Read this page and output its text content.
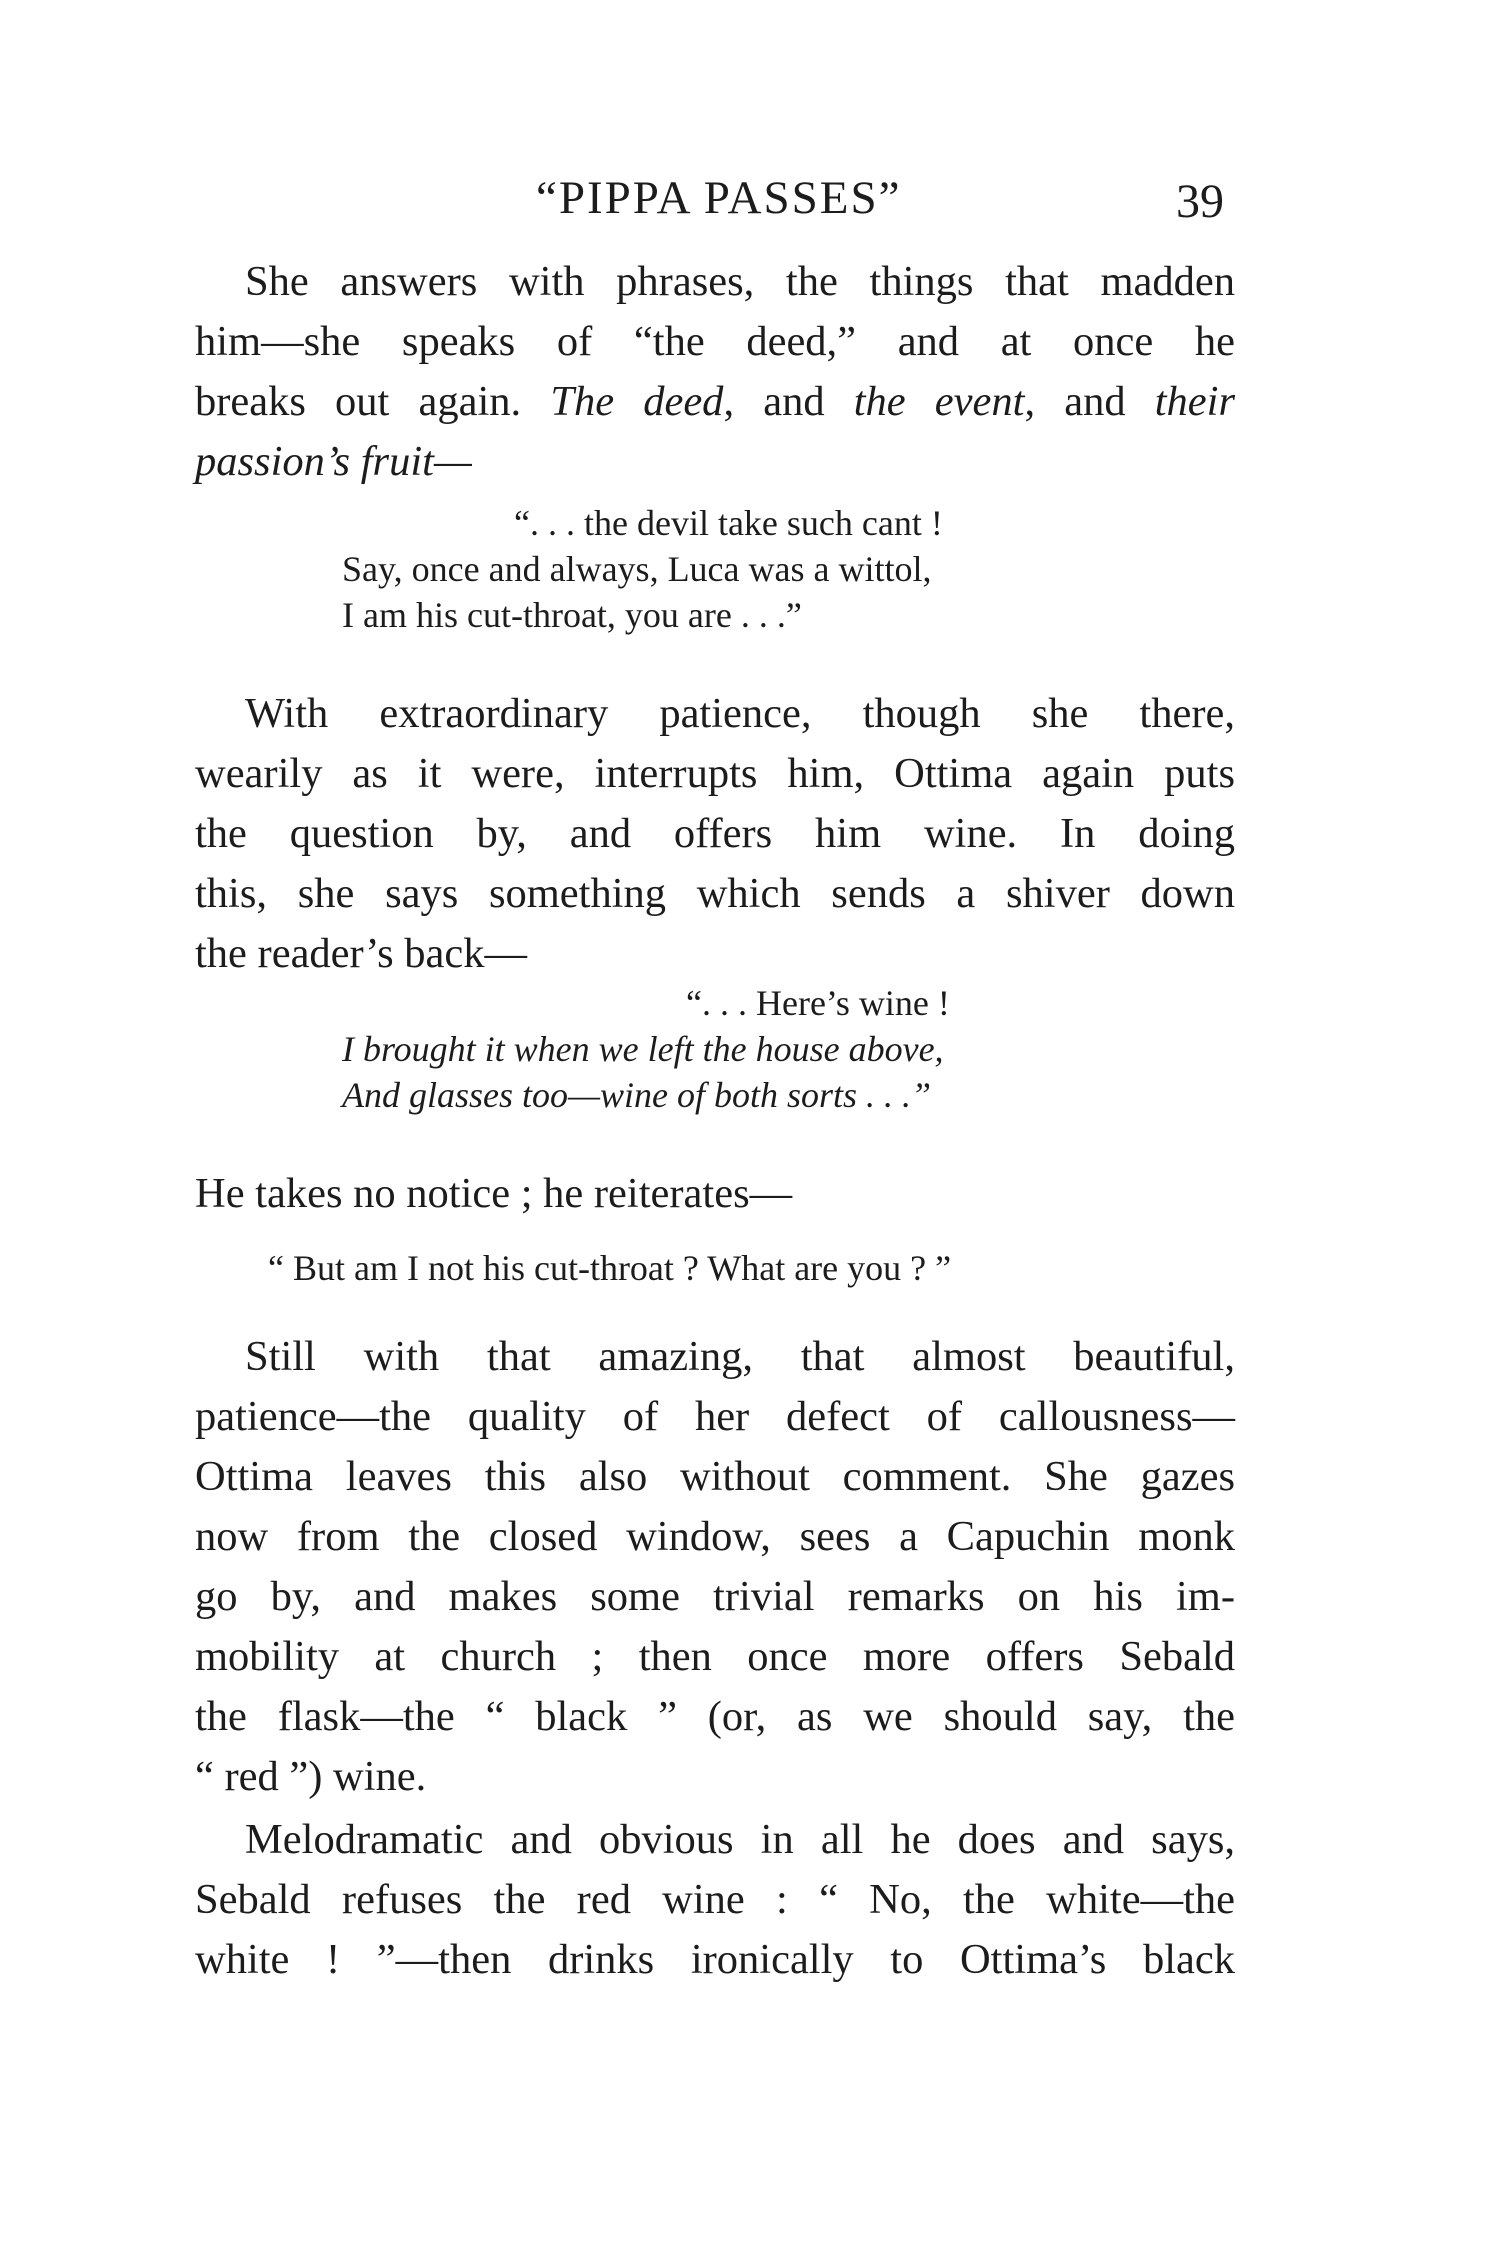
“PIPPA PASSES”	39
She answers with phrases, the things that madden
him—she speaks of “the deed,” and at once he
breaks out again. The deed, and the event, and their
passion’s fruit—
“. . . the devil take such cant !
Say, once and always, Luca was a wittol,
I am his cut-throat, you are . . .”
With extraordinary patience, though she there,
wearily as it were, interrupts him, Ottima again puts
the question by, and offers him wine. In doing
this, she says something which sends a shiver down
the reader’s back—
“. . . Here’s wine !
I brought it when we left the house above,
And glasses too—wine of both sorts . . .”
He takes no notice ; he reiterates—
“ But am I not his cut-throat ? What are you ? ”
Still with that amazing, that almost beautiful,
patience—the quality of her defect of callousness—
Ottima leaves this also without comment. She gazes
now from the closed window, sees a Capuchin monk
go by, and makes some trivial remarks on his im-
mobility at church ; then once more offers Sebald
the flask—the “ black ” (or, as we should say, the
“ red ”) wine.
Melodramatic and obvious in all he does and says,
Sebald refuses the red wine : “ No, the white—the
white ! ”—then drinks ironically to Ottima’s black
